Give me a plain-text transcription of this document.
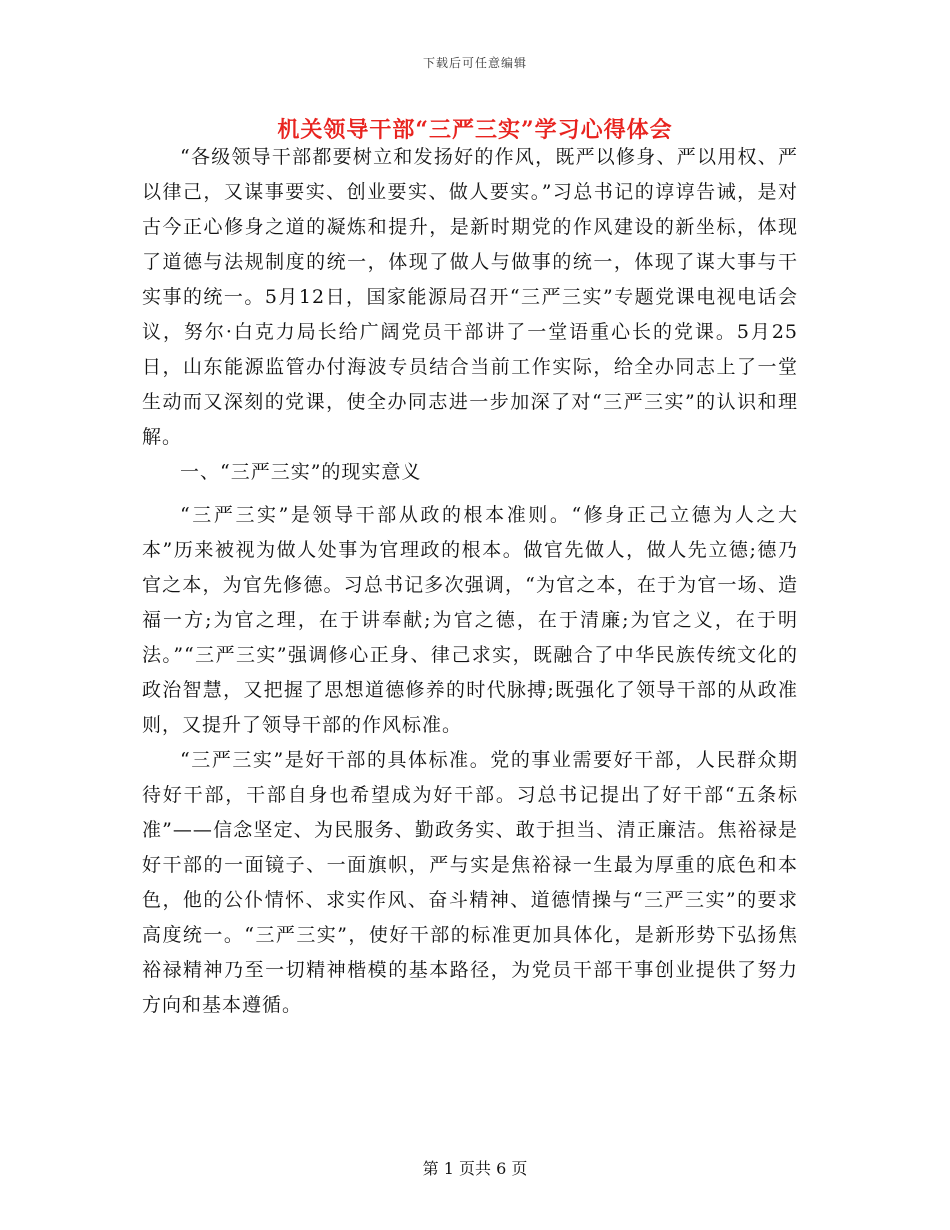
下载后可任意编辑
机关领导干部“三严三实”学习心得体会

“各级领导干部都要树立和发扬好的作风，既严以修身、严以用权、严以律己，又谋事要实、创业要实、做人要实。”习总书记的谆谆告诫，是对古今正心修身之道的凝炼和提升，是新时期党的作风建设的新坐标，体现了道德与法规制度的统一，体现了做人与做事的统一，体现了谋大事与干实事的统一。5月12日，国家能源局召开“三严三实”专题党课电视电话会议，努尔·白克力局长给广阔党员干部讲了一堂语重心长的党课。5月25日，山东能源监管办付海波专员结合当前工作实际，给全办同志上了一堂生动而又深刻的党课，使全办同志进一步加深了对“三严三实”的认识和理解。

一、“三严三实”的现实意义

“三严三实”是领导干部从政的根本准则。“修身正己立德为人之大本”历来被视为做人处事为官理政的根本。做官先做人，做人先立德;德乃官之本，为官先修德。习总书记多次强调，“为官之本，在于为官一场、造福一方;为官之理，在于讲奉献;为官之德，在于清廉;为官之义，在于明法。”“三严三实”强调修心正身、律己求实，既融合了中华民族传统文化的政治智慧，又把握了思想道德修养的时代脉搏;既强化了领导干部的从政准则，又提升了领导干部的作风标准。

“三严三实”是好干部的具体标准。党的事业需要好干部，人民群众期待好干部，干部自身也希望成为好干部。习总书记提出了好干部“五条标准”——信念坚定、为民服务、勤政务实、敢于担当、清正廉洁。焦裕禄是好干部的一面镜子、一面旗帜，严与实是焦裕禄一生最为厚重的底色和本色，他的公仆情怀、求实作风、奋斗精神、道德情操与“三严三实”的要求高度统一。“三严三实”，使好干部的标准更加具体化，是新形势下弘扬焦裕禄精神乃至一切精神楷模的基本路径，为党员干部干事创业提供了努力方向和基本遵循。

第 1 页共 6 页
